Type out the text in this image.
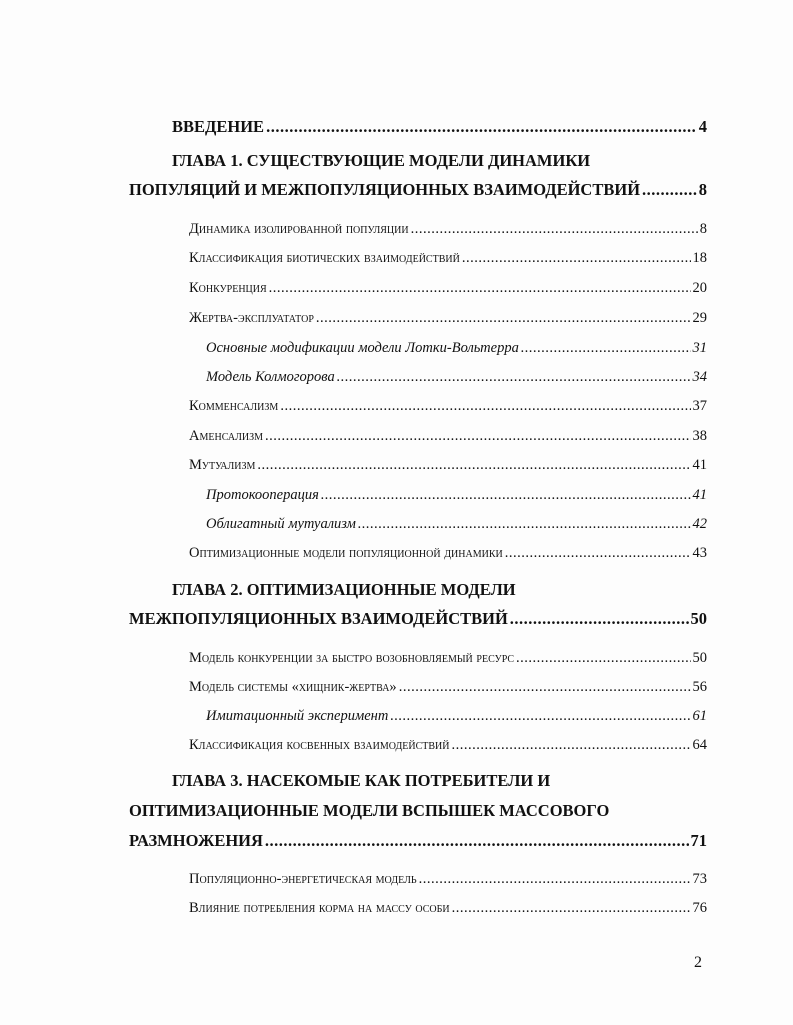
ВВЕДЕНИЕ .....	4
ГЛАВА 1. СУЩЕСТВУЮЩИЕ МОДЕЛИ ДИНАМИКИ
ПОПУЛЯЦИЙ И МЕЖПОПУЛЯЦИОННЫХ ВЗАИМОДЕЙСТВИЙ .....	8
Динамика изолированной популяции .....	8
Классификация биотических взаимодействий .....	18
Конкуренция .....	20
Жертва-эксплуататор .....	29
Основные модификации модели Лотки-Вольтерра .....	31
Модель Колмогорова .....	34
Комменсализм .....	37
Аменсализм .....	38
Мутуализм .....	41
Протокооперация .....	41
Облигатный мутуализм .....	42
Оптимизационные модели популяционной динамики .....	43
ГЛАВА 2. ОПТИМИЗАЦИОННЫЕ МОДЕЛИ
МЕЖПОПУЛЯЦИОННЫХ ВЗАИМОДЕЙСТВИЙ .....	50
Модель конкуренции за быстро возобновляемый ресурс .....	50
Модель системы «хищник-жертва» .....	56
Имитационный эксперимент .....	61
Классификация косвенных взаимодействий .....	64
ГЛАВА 3. НАСЕКОМЫЕ КАК ПОТРЕБИТЕЛИ И
ОПТИМИЗАЦИОННЫЕ МОДЕЛИ ВСПЫШЕК МАССОВОГО
РАЗМНОЖЕНИЯ .....	71
Популяционно-энергетическая модель .....	73
Влияние потребления корма на массу особи .....	76
2
